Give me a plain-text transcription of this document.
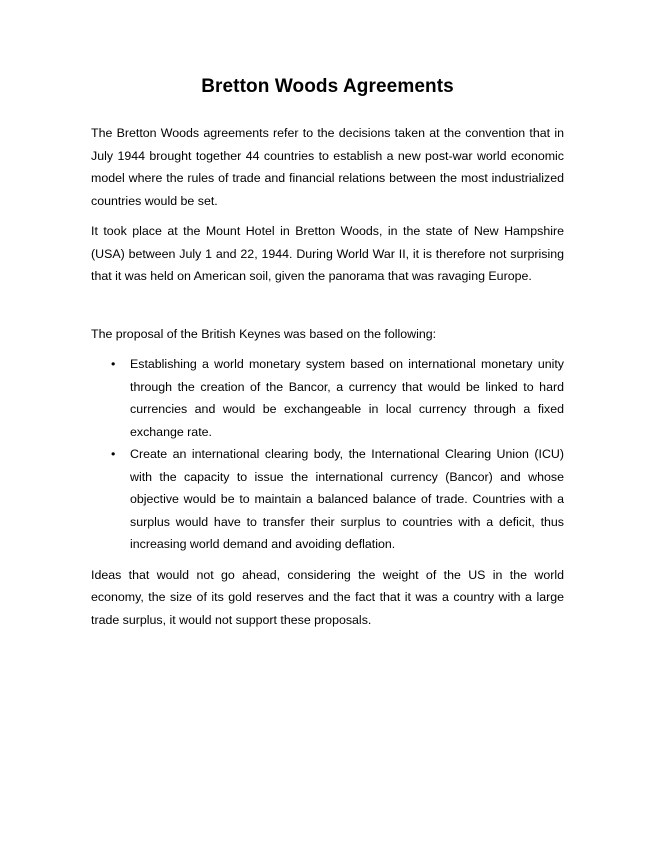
Bretton Woods Agreements

The Bretton Woods agreements refer to the decisions taken at the convention that in July 1944 brought together 44 countries to establish a new post-war world economic model where the rules of trade and financial relations between the most industrialized countries would be set.

It took place at the Mount Hotel in Bretton Woods, in the state of New Hampshire (USA) between July 1 and 22, 1944. During World War II, it is therefore not surprising that it was held on American soil, given the panorama that was ravaging Europe.

The proposal of the British Keynes was based on the following:

• Establishing a world monetary system based on international monetary unity through the creation of the Bancor, a currency that would be linked to hard currencies and would be exchangeable in local currency through a fixed exchange rate.
• Create an international clearing body, the International Clearing Union (ICU) with the capacity to issue the international currency (Bancor) and whose objective would be to maintain a balanced balance of trade. Countries with a surplus would have to transfer their surplus to countries with a deficit, thus increasing world demand and avoiding deflation.

Ideas that would not go ahead, considering the weight of the US in the world economy, the size of its gold reserves and the fact that it was a country with a large trade surplus, it would not support these proposals.
